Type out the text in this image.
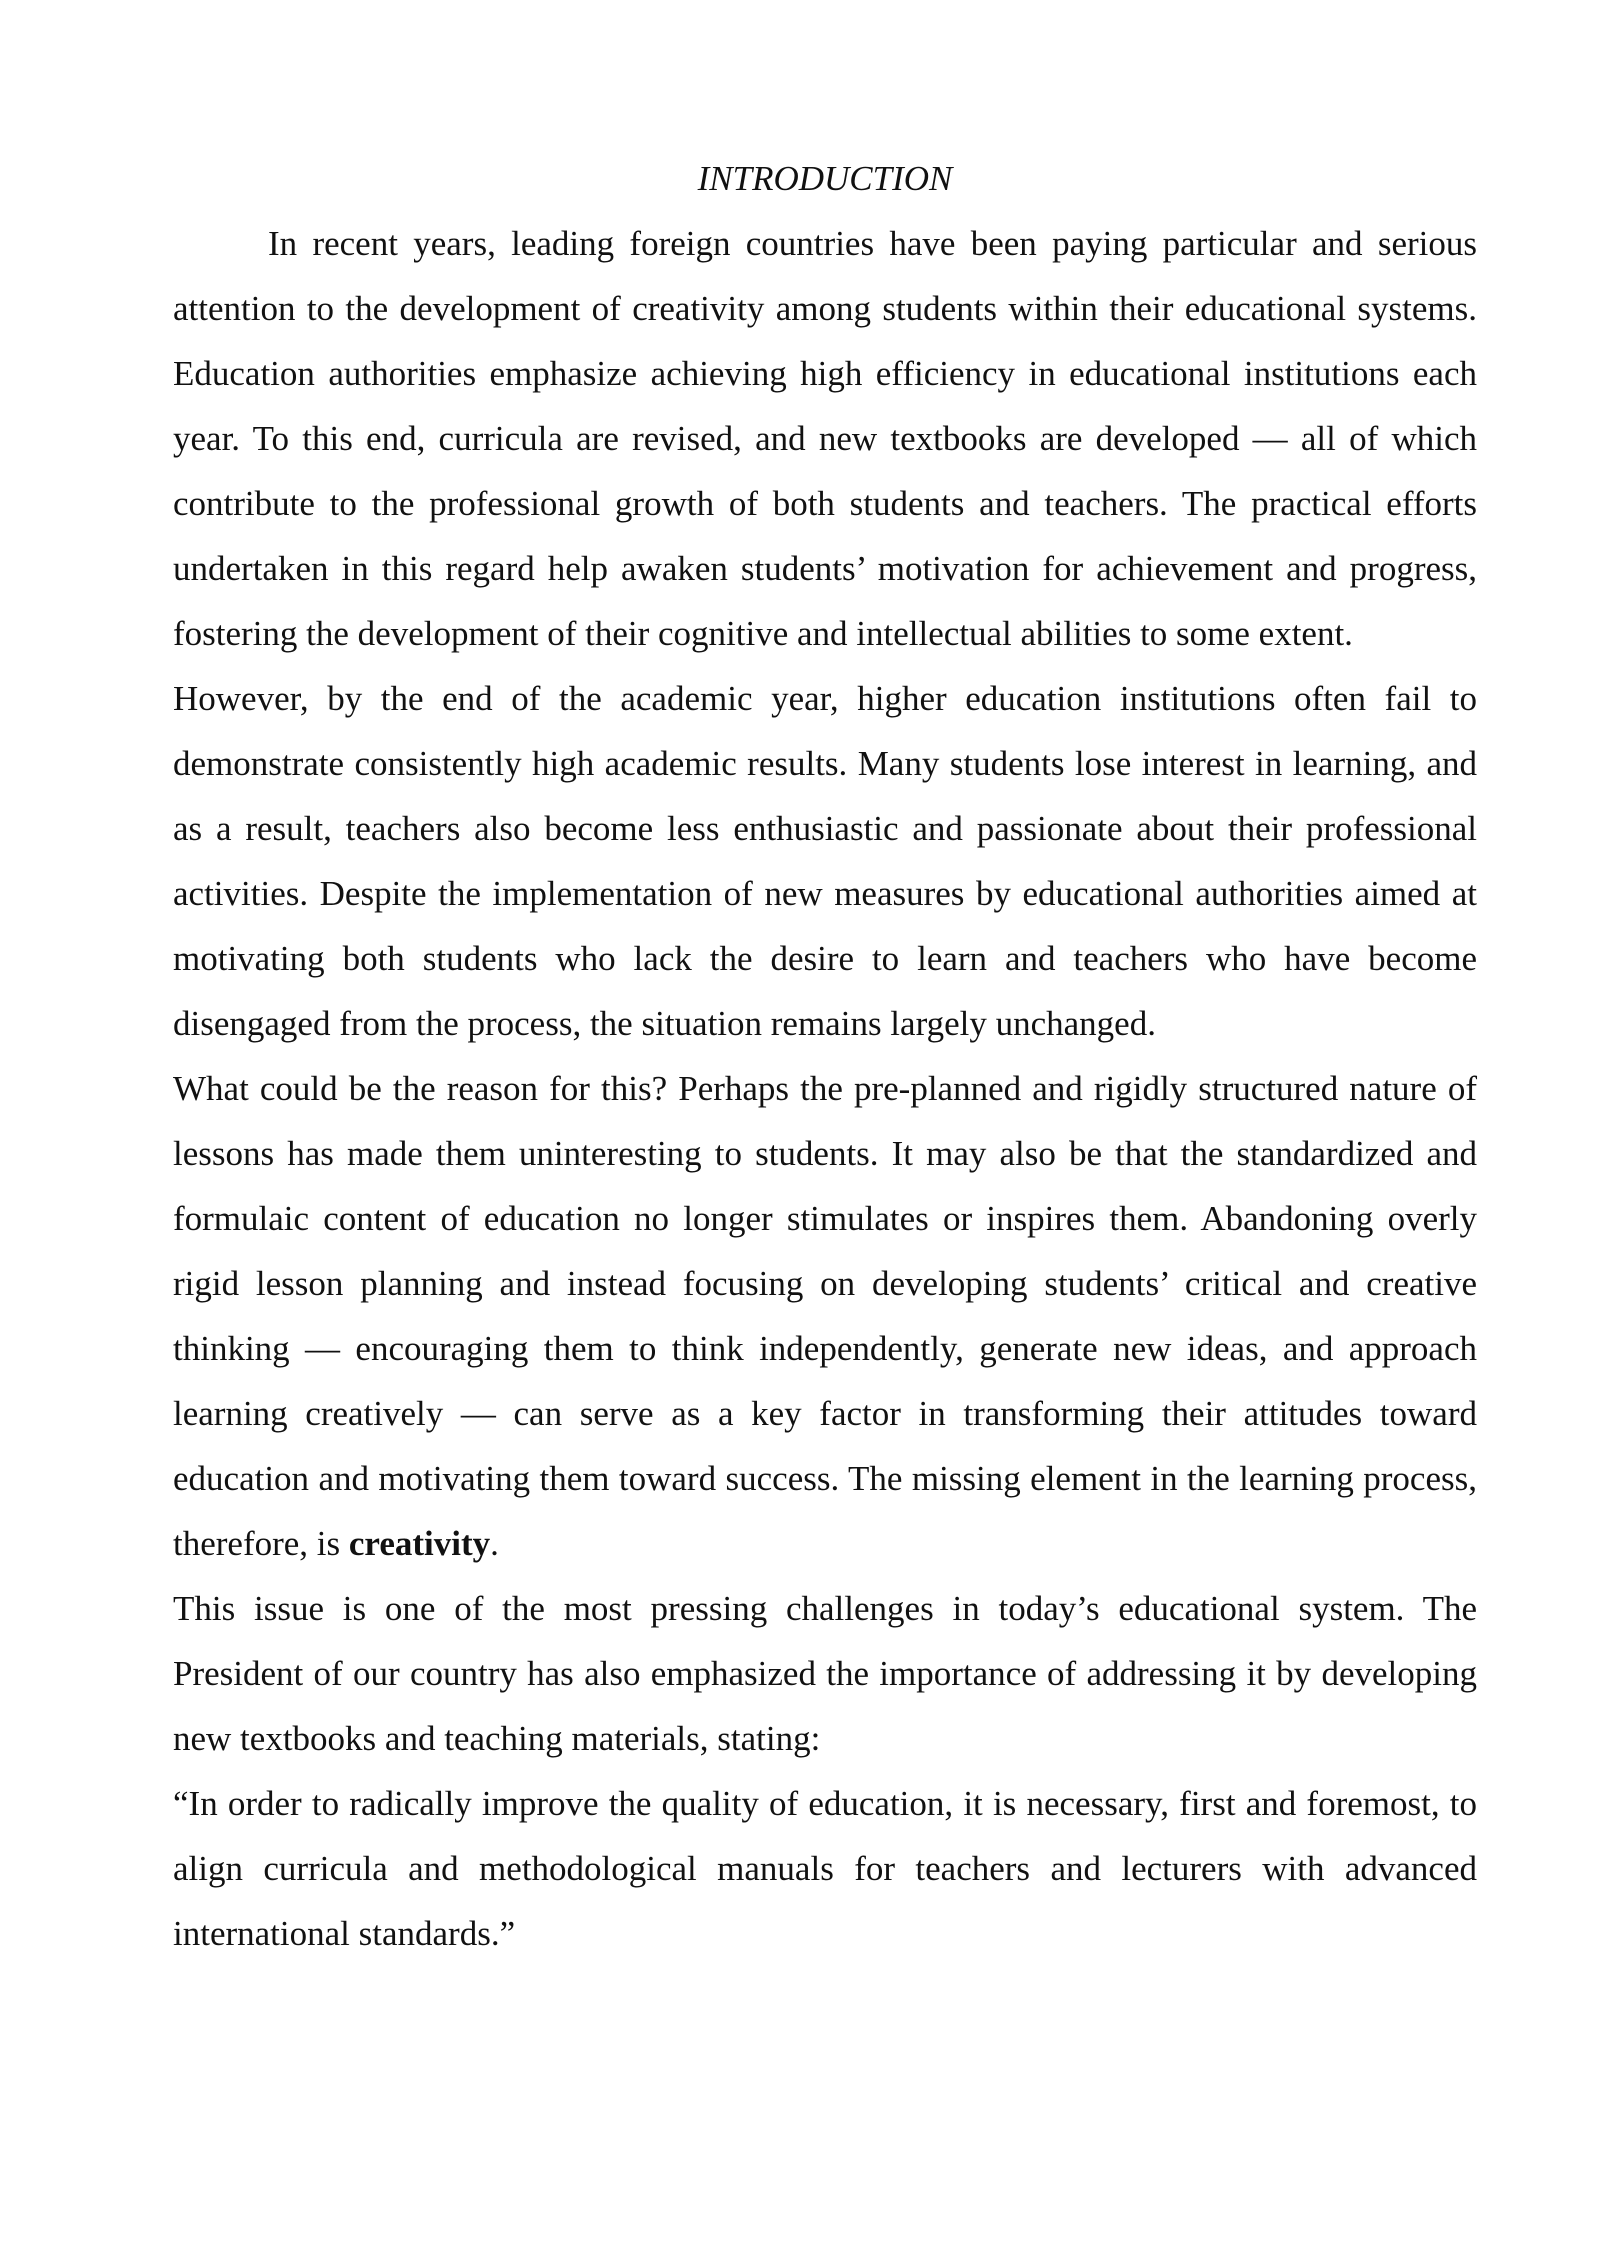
INTRODUCTION

In recent years, leading foreign countries have been paying particular and serious attention to the development of creativity among students within their educational systems. Education authorities emphasize achieving high efficiency in educational institutions each year. To this end, curricula are revised, and new textbooks are developed — all of which contribute to the professional growth of both students and teachers. The practical efforts undertaken in this regard help awaken students’ motivation for achievement and progress, fostering the development of their cognitive and intellectual abilities to some extent.

However, by the end of the academic year, higher education institutions often fail to demonstrate consistently high academic results. Many students lose interest in learning, and as a result, teachers also become less enthusiastic and passionate about their professional activities. Despite the implementation of new measures by educational authorities aimed at motivating both students who lack the desire to learn and teachers who have become disengaged from the process, the situation remains largely unchanged.

What could be the reason for this? Perhaps the pre-planned and rigidly structured nature of lessons has made them uninteresting to students. It may also be that the standardized and formulaic content of education no longer stimulates or inspires them. Abandoning overly rigid lesson planning and instead focusing on developing students’ critical and creative thinking — encouraging them to think independently, generate new ideas, and approach learning creatively — can serve as a key factor in transforming their attitudes toward education and motivating them toward success. The missing element in the learning process, therefore, is creativity.

This issue is one of the most pressing challenges in today’s educational system. The President of our country has also emphasized the importance of addressing it by developing new textbooks and teaching materials, stating:

“In order to radically improve the quality of education, it is necessary, first and foremost, to align curricula and methodological manuals for teachers and lecturers with advanced international standards.”
